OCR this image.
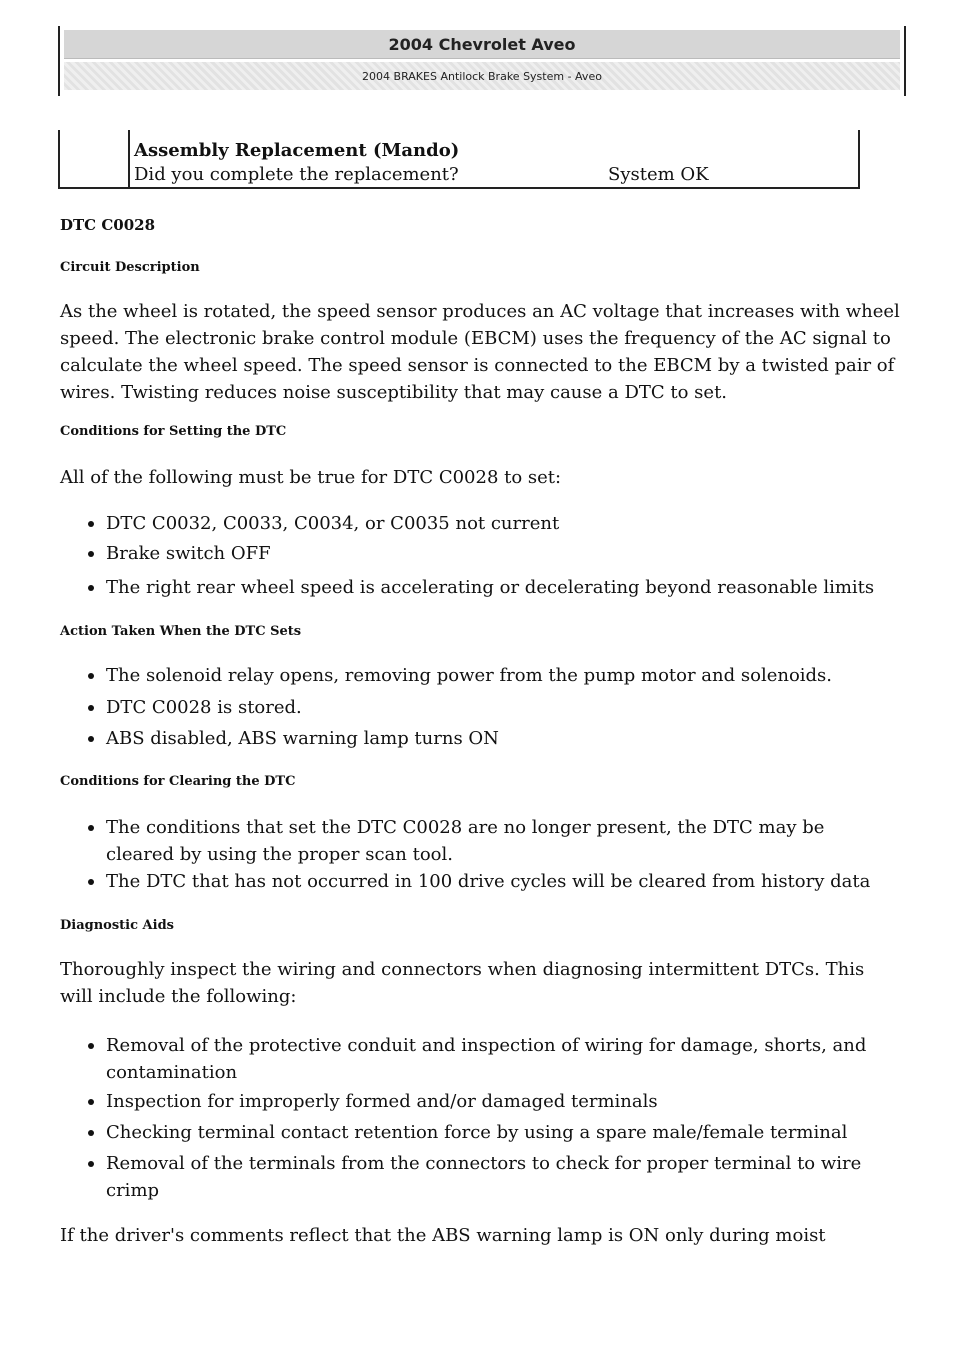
2004 Chevrolet Aveo
2004 BRAKES Antilock Brake System - Aveo
Assembly Replacement (Mando)
Did you complete the replacement?	System OK
DTC C0028
Circuit Description

As the wheel is rotated, the speed sensor produces an AC voltage that increases with wheel speed. The electronic brake control module (EBCM) uses the frequency of the AC signal to calculate the wheel speed. The speed sensor is connected to the EBCM by a twisted pair of wires. Twisting reduces noise susceptibility that may cause a DTC to set.

Conditions for Setting the DTC

All of the following must be true for DTC C0028 to set:

DTC C0032, C0033, C0034, or C0035 not current
Brake switch OFF
The right rear wheel speed is accelerating or decelerating beyond reasonable limits
Action Taken When the DTC Sets
The solenoid relay opens, removing power from the pump motor and solenoids.
DTC C0028 is stored.
ABS disabled, ABS warning lamp turns ON
Conditions for Clearing the DTC
The conditions that set the DTC C0028 are no longer present, the DTC may be cleared by using the proper scan tool.
The DTC that has not occurred in 100 drive cycles will be cleared from history data
Diagnostic Aids

Thoroughly inspect the wiring and connectors when diagnosing intermittent DTCs. This will include the following:

Removal of the protective conduit and inspection of wiring for damage, shorts, and contamination
Inspection for improperly formed and/or damaged terminals
Checking terminal contact retention force by using a spare male/female terminal
Removal of the terminals from the connectors to check for proper terminal to wire crimp

If the driver's comments reflect that the ABS warning lamp is ON only during moist
